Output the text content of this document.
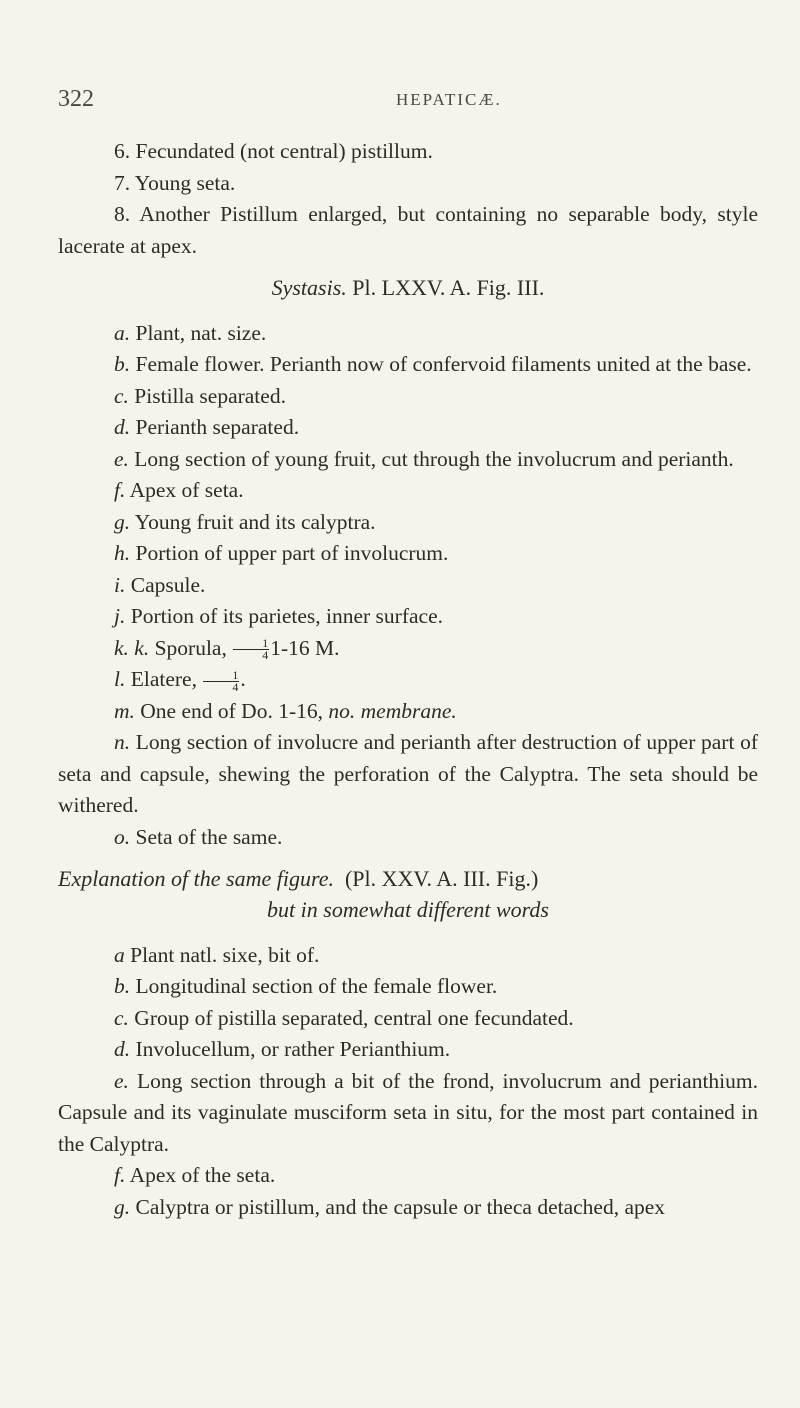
322	HEPATICÆ.

6. Fecundated (not central) pistillum.

7. Young seta.

8. Another Pistillum enlarged, but containing no separable body, style lacerate at apex.

Systasis. Pl. LXXV. A. Fig. III.

a. Plant, nat. size.

b. Female flower. Perianth now of confervoid filaments united at the base.

c. Pistilla separated.

d. Perianth separated.

e. Long section of young fruit, cut through the involucrum and perianth.

f. Apex of seta.

g. Young fruit and its calyptra.

h. Portion of upper part of involucrum.

i. Capsule.

j. Portion of its parietes, inner surface.

k. k. Sporula, $\frac{1}{4} 1-16$ M.

l. Elatere, $\frac{1}{4}$ .

m. One end of Do. 1-16, no. membrane.

n. Long section of involucre and perianth after destruction of upper part of seta and capsule, shewing the perforation of the Calyptra. The seta should be withered.

o. Seta of the same.

Explanation of the same figure. (Pl. XXV. A. III. Fig.)

but in somewhat different words

a Plant natl. sixe, bit of.

b. Longitudinal section of the female flower.

c. Group of pistilla separated, central one fecundated.

d. Involucellum, or rather Perianthium.

e. Long section through a bit of the frond, involucrum and perianthium. Capsule and its vaginulate musciform seta in situ, for the most part contained in the Calyptra.

f. Apex of the seta.

g. Calyptra or pistillum, and the capsule or theca detached, apex
